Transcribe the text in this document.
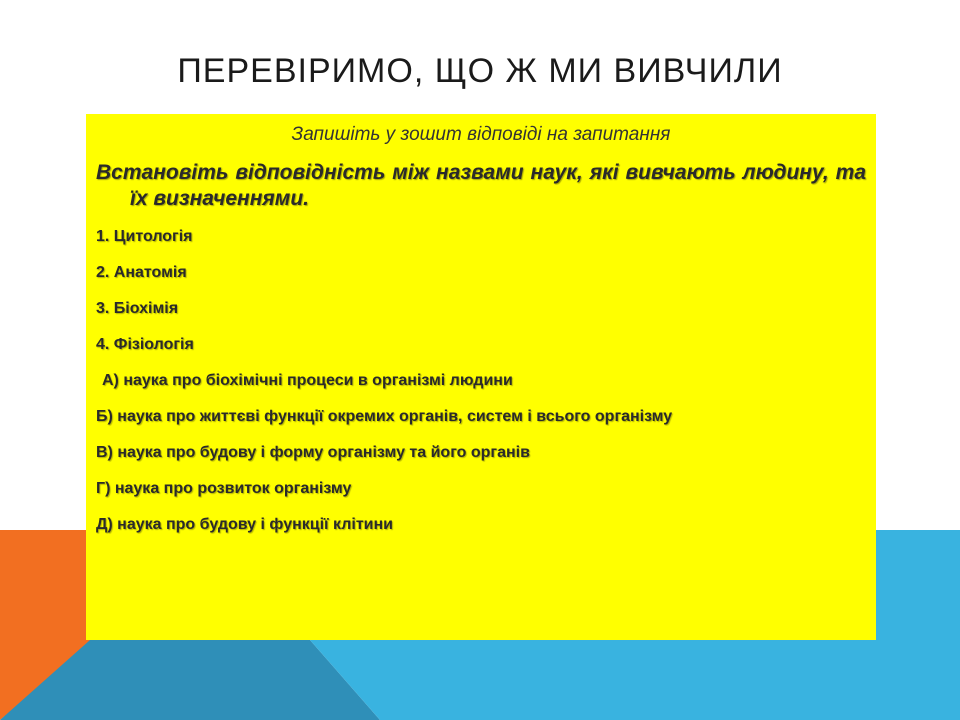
ПЕРЕВІРИМО, ЩО Ж МИ ВИВЧИЛИ

Запишіть у зошит відповіді на запитання

Встановіть відповідність між назвами наук, які вивчають людину, та їх визначеннями.

1. Цитологія

2. Анатомія

3. Біохімія

4. Фізіологія

А) наука про біохімічні процеси в організмі людини

Б) наука про життєві функції окремих органів, систем і всього організму

В) наука про будову і форму організму та його органів

Г) наука про розвиток організму

Д) наука про будову і функції клітини
